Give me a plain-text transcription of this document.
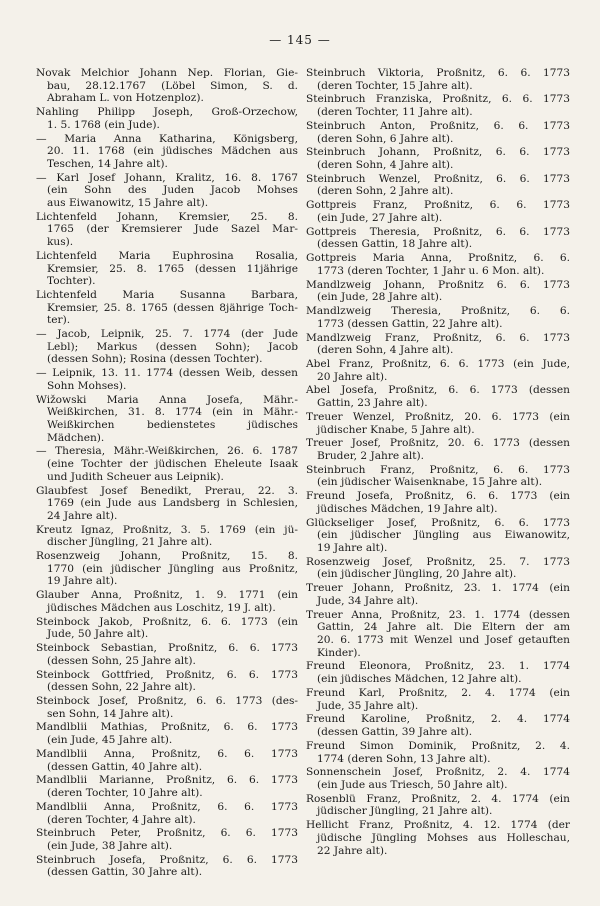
— 145 —
Novak Melchior Johann Nep. Florian, Gie-
bau, 28.12.1767 (Löbel Simon, S. d.
Abraham L. von Hotzenploz).
Nahling Philipp Joseph, Groß-Orzechow,
1. 5. 1768 (ein Jude).
— Maria Anna Katharina, Königsberg,
20. 11. 1768 (ein jüdisches Mädchen aus
Teschen, 14 Jahre alt).
— Karl Josef Johann, Kralitz, 16. 8. 1767
(ein Sohn des Juden Jacob Mohses
aus Eiwanowitz, 15 Jahre alt).
Lichtenfeld Johann, Kremsier, 25. 8.
1765 (der Kremsierer Jude Sazel Mar-
kus).
Lichtenfeld Maria Euphrosina Rosalia,
Kremsier, 25. 8. 1765 (dessen 11jährige
Tochter).
Lichtenfeld Maria Susanna Barbara,
Kremsier, 25. 8. 1765 (dessen 8jährige Toch-
ter).
— Jacob, Leipnik, 25. 7. 1774 (der Jude
Lebl); Markus (dessen Sohn); Jacob
(dessen Sohn); Rosina (dessen Tochter).
— Leipnik, 13. 11. 1774 (dessen Weib, dessen
Sohn Mohses).
Wižowski Maria Anna Josefa, Mähr.-
Weißkirchen, 31. 8. 1774 (ein in Mähr.-
Weißkirchen bedienstetes jüdisches Mädchen).
— Theresia, Mähr.-Weißkirchen, 26. 6. 1787
(eine Tochter der jüdischen Eheleute Isaak
und Judith Scheuer aus Leipnik).
Glaubfest Josef Benedikt, Prerau, 22. 3.
1769 (ein Jude aus Landsberg in Schlesien,
24 Jahre alt).
Kreutz Ignaz, Proßnitz, 3. 5. 1769 (ein jü-
discher Jüngling, 21 Jahre alt).
Rosenzweig Johann, Proßnitz, 15. 8.
1770 (ein jüdischer Jüngling aus Proßnitz,
19 Jahre alt).
Glauber Anna, Proßnitz, 1. 9. 1771 (ein
jüdisches Mädchen aus Loschitz, 19 J. alt).
Steinbock Jakob, Proßnitz, 6. 6. 1773 (ein
Jude, 50 Jahre alt).
Steinbock Sebastian, Proßnitz, 6. 6. 1773
(dessen Sohn, 25 Jahre alt).
Steinbock Gottfried, Proßnitz, 6. 6. 1773
(dessen Sohn, 22 Jahre alt).
Steinbock Josef, Proßnitz, 6. 6. 1773 (des-
sen Sohn, 14 Jahre alt).
Mandlblii Mathias, Proßnitz, 6. 6. 1773
(ein Jude, 45 Jahre alt).
Mandlblii Anna, Proßnitz, 6. 6. 1773
(dessen Gattin, 40 Jahre alt).
Mandlblii Marianne, Proßnitz, 6. 6. 1773
(deren Tochter, 10 Jahre alt).
Mandlblii Anna, Proßnitz, 6. 6. 1773
(deren Tochter, 4 Jahre alt).
Steinbruch Peter, Proßnitz, 6. 6. 1773
(ein Jude, 38 Jahre alt).
Steinbruch Josefa, Proßnitz, 6. 6. 1773
(dessen Gattin, 30 Jahre alt).
Steinbruch Viktoria, Proßnitz, 6. 6. 1773
(deren Tochter, 15 Jahre alt).
Steinbruch Franziska, Proßnitz, 6. 6. 1773
(deren Tochter, 11 Jahre alt).
Steinbruch Anton, Proßnitz, 6. 6. 1773
(deren Sohn, 6 Jahre alt).
Steinbruch Johann, Proßnitz, 6. 6. 1773
(deren Sohn, 4 Jahre alt).
Steinbruch Wenzel, Proßnitz, 6. 6. 1773
(deren Sohn, 2 Jahre alt).
Gottpreis Franz, Proßnitz, 6. 6. 1773
(ein Jude, 27 Jahre alt).
Gottpreis Theresia, Proßnitz, 6. 6. 1773
(dessen Gattin, 18 Jahre alt).
Gottpreis Maria Anna, Proßnitz, 6. 6.
1773 (deren Tochter, 1 Jahr u. 6 Mon. alt).
Mandlzweig Johann, Proßnitz 6. 6. 1773
(ein Jude, 28 Jahre alt).
Mandlzweig Theresia, Proßnitz, 6. 6.
1773 (dessen Gattin, 22 Jahre alt).
Mandlzweig Franz, Proßnitz, 6. 6. 1773
(deren Sohn, 4 Jahre alt).
Abel Franz, Proßnitz, 6. 6. 1773 (ein Jude,
20 Jahre alt).
Abel Josefa, Proßnitz, 6. 6. 1773 (dessen
Gattin, 23 Jahre alt).
Treuer Wenzel, Proßnitz, 20. 6. 1773 (ein
jüdischer Knabe, 5 Jahre alt).
Treuer Josef, Proßnitz, 20. 6. 1773 (dessen
Bruder, 2 Jahre alt).
Steinbruch Franz, Proßnitz, 6. 6. 1773
(ein jüdischer Waisenknabe, 15 Jahre alt).
Freund Josefa, Proßnitz, 6. 6. 1773 (ein
jüdisches Mädchen, 19 Jahre alt).
Glückseliger Josef, Proßnitz, 6. 6. 1773
(ein jüdischer Jüngling aus Eiwanowitz,
19 Jahre alt).
Rosenzweig Josef, Proßnitz, 25. 7. 1773
(ein jüdischer Jüngling, 20 Jahre alt).
Treuer Johann, Proßnitz, 23. 1. 1774 (ein
Jude, 34 Jahre alt).
Treuer Anna, Proßnitz, 23. 1. 1774 (dessen
Gattin, 24 Jahre alt. Die Eltern der am
20. 6. 1773 mit Wenzel und Josef getauften
Kinder).
Freund Eleonora, Proßnitz, 23. 1. 1774
(ein jüdisches Mädchen, 12 Jahre alt).
Freund Karl, Proßnitz, 2. 4. 1774 (ein
Jude, 35 Jahre alt).
Freund Karoline, Proßnitz, 2. 4. 1774
(dessen Gattin, 39 Jahre alt).
Freund Simon Dominik, Proßnitz, 2. 4.
1774 (deren Sohn, 13 Jahre alt).
Sonnenschein Josef, Proßnitz, 2. 4. 1774
(ein Jude aus Triesch, 50 Jahre alt).
Rosenblü Franz, Proßnitz, 2. 4. 1774 (ein
jüdischer Jüngling, 21 Jahre alt).
Hellicht Franz, Proßnitz, 4. 12. 1774 (der
jüdische Jüngling Mohses aus Holleschau,
22 Jahre alt).
